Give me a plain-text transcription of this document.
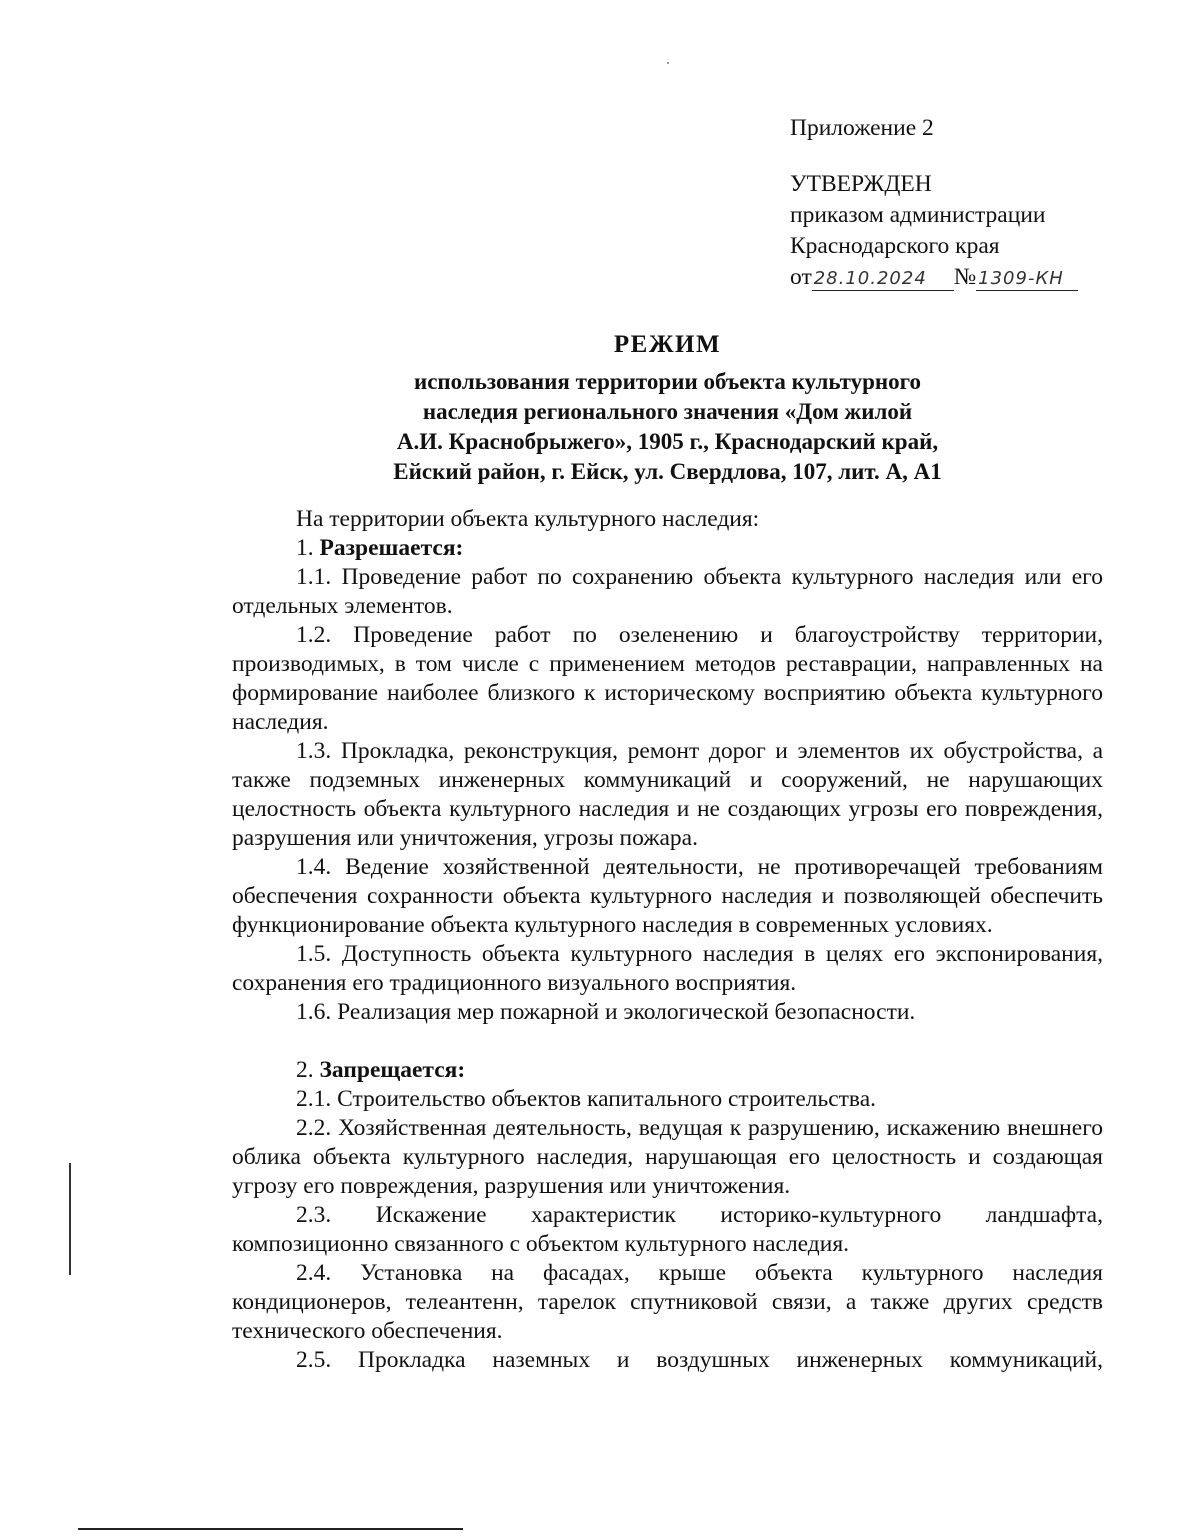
Приложение 2
УТВЕРЖДЕН
приказом администрации
Краснодарского края
от 28.10.2024 № 1309-КН
РЕЖИМ
использования территории объекта культурного
наследия регионального значения «Дом жилой
А.И. Краснобрыжего», 1905 г., Краснодарский край,
Ейский район, г. Ейск, ул. Свердлова, 107, лит. А, А1

На территории объекта культурного наследия:

1. Разрешается:

1.1. Проведение работ по сохранению объекта культурного наследия или его отдельных элементов.

1.2. Проведение работ по озеленению и благоустройству территории, производимых, в том числе с применением методов реставрации, направленных на формирование наиболее близкого к историческому восприятию объекта культурного наследия.

1.3. Прокладка, реконструкция, ремонт дорог и элементов их обустройства, а также подземных инженерных коммуникаций и сооружений, не нарушающих целостность объекта культурного наследия и не создающих угрозы его повреждения, разрушения или уничтожения, угрозы пожара.

1.4. Ведение хозяйственной деятельности, не противоречащей требованиям обеспечения сохранности объекта культурного наследия и позволяющей обеспечить функционирование объекта культурного наследия в современных условиях.

1.5. Доступность объекта культурного наследия в целях его экспонирования, сохранения его традиционного визуального восприятия.

1.6. Реализация мер пожарной и экологической безопасности.

2. Запрещается:

2.1. Строительство объектов капитального строительства.

2.2. Хозяйственная деятельность, ведущая к разрушению, искажению внешнего облика объекта культурного наследия, нарушающая его целостность и создающая угрозу его повреждения, разрушения или уничтожения.

2.3. Искажение характеристик историко-культурного ландшафта, композиционно связанного с объектом культурного наследия.

2.4. Установка на фасадах, крыше объекта культурного наследия кондиционеров, телеантенн, тарелок спутниковой связи, а также других средств технического обеспечения.

2.5. Прокладка наземных и воздушных инженерных коммуникаций,
